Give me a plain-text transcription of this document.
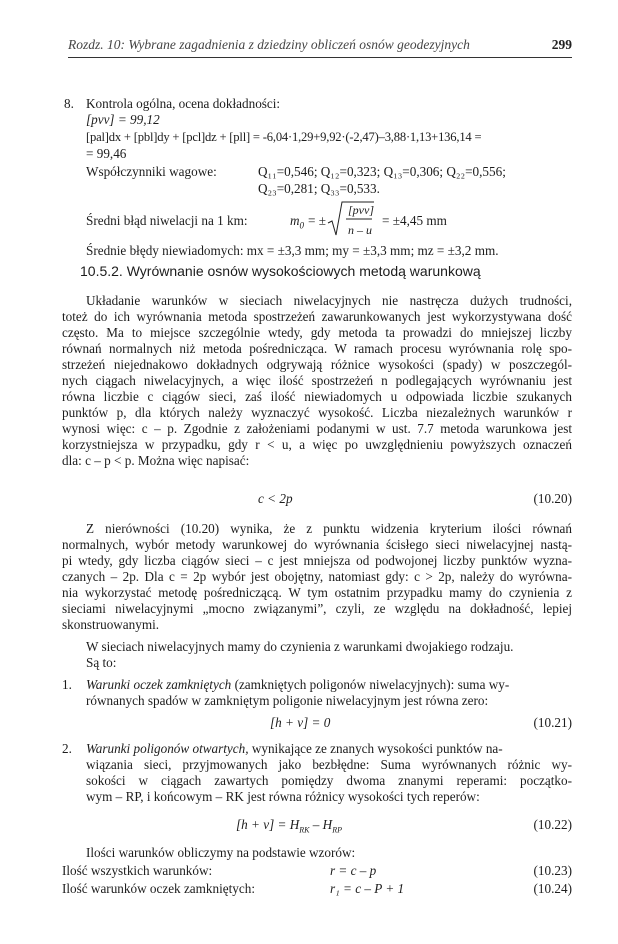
Rozdz. 10: Wybrane zagadnienia z dziedziny obliczeń osnów geodezyjnych	299
8. Kontrola ogólna, ocena dokładności:
[pvv] = 99,12
[pal]dx + [pbl]dy + [pcl]dz + [pll] = -6,04·1,29+9,92·(-2,47)–3,88·1,13+136,14 =
= 99,46
Współczynniki wagowe:	Q₁₁=0,546; Q₁₂=0,323; Q₁₃=0,306; Q₂₂=0,556;
Q₂₃=0,281; Q₃₃=0,533.
Średni błąd niwelacji na 1 km:	$m_0$ = ±
[pvv]
n – u
= ±4,45 mm
Średnie błędy niewiadomych: mx = ±3,3 mm; my = ±3,3 mm; mz = ±3,2 mm.
10.5.2. Wyrównanie osnów wysokościowych metodą warunkową
Układanie warunków w sieciach niwelacyjnych nie nastręcza dużych trudności,
toteż do ich wyrównania metoda spostrzeżeń zawarunkowanych jest wykorzystywana dość
często. Ma to miejsce szczególnie wtedy, gdy metoda ta prowadzi do mniejszej liczby
równań normalnych niż metoda pośrednicząca. W ramach procesu wyrównania rolę spo-
strzeżeń niejednakowo dokładnych odgrywają różnice wysokości (spady) w poszczegól-
nych ciągach niwelacyjnych, a więc ilość spostrzeżeń n podlegających wyrównaniu jest
równa liczbie c ciągów sieci, zaś ilość niewiadomych u odpowiada liczbie szukanych
punktów p, dla których należy wyznaczyć wysokość. Liczba niezależnych warunków r
wynosi więc: c – p. Zgodnie z założeniami podanymi w ust. 7.7 metoda warunkowa jest
korzystniejsza w przypadku, gdy r < u, a więc po uwzględnieniu powyższych oznaczeń
dla: c – p < p. Można więc napisać:
c < 2p	(10.20)
Z nierówności (10.20) wynika, że z punktu widzenia kryterium ilości równań
normalnych, wybór metody warunkowej do wyrównania ścisłego sieci niwelacyjnej nastą-
pi wtedy, gdy liczba ciągów sieci – c jest mniejsza od podwojonej liczby punktów wyzna-
czanych – 2p. Dla c = 2p wybór jest obojętny, natomiast gdy: c > 2p, należy do wyrówna-
nia wykorzystać metodę pośredniczącą. W tym ostatnim przypadku mamy do czynienia z
sieciami niwelacyjnymi „mocno związanymi”, czyli, ze względu na dokładność, lepiej
skonstruowanymi.
W sieciach niwelacyjnych mamy do czynienia z warunkami dwojakiego rodzaju.
Są to:
1. Warunki oczek zamkniętych (zamkniętych poligonów niwelacyjnych): suma wy-
równanych spadów w zamkniętym poligonie niwelacyjnym jest równa zero:
[h + v] = 0	(10.21)
2. Warunki poligonów otwartych, wynikające ze znanych wysokości punktów na-
wiązania sieci, przyjmowanych jako bezbłędne: Suma wyrównanych różnic wy-
sokości w ciągach zawartych pomiędzy dwoma znanymi reperami: początko-
wym – RP, i końcowym – RK jest równa różnicy wysokości tych reperów:
$[h + v] = H_{RK} - H_{RP}$	(10.22)
Ilości warunków obliczymy na podstawie wzorów:
Ilość wszystkich warunków:	r = c – p	(10.23)
Ilość warunków oczek zamkniętych:	r₁ = c – P + 1	(10.24)
